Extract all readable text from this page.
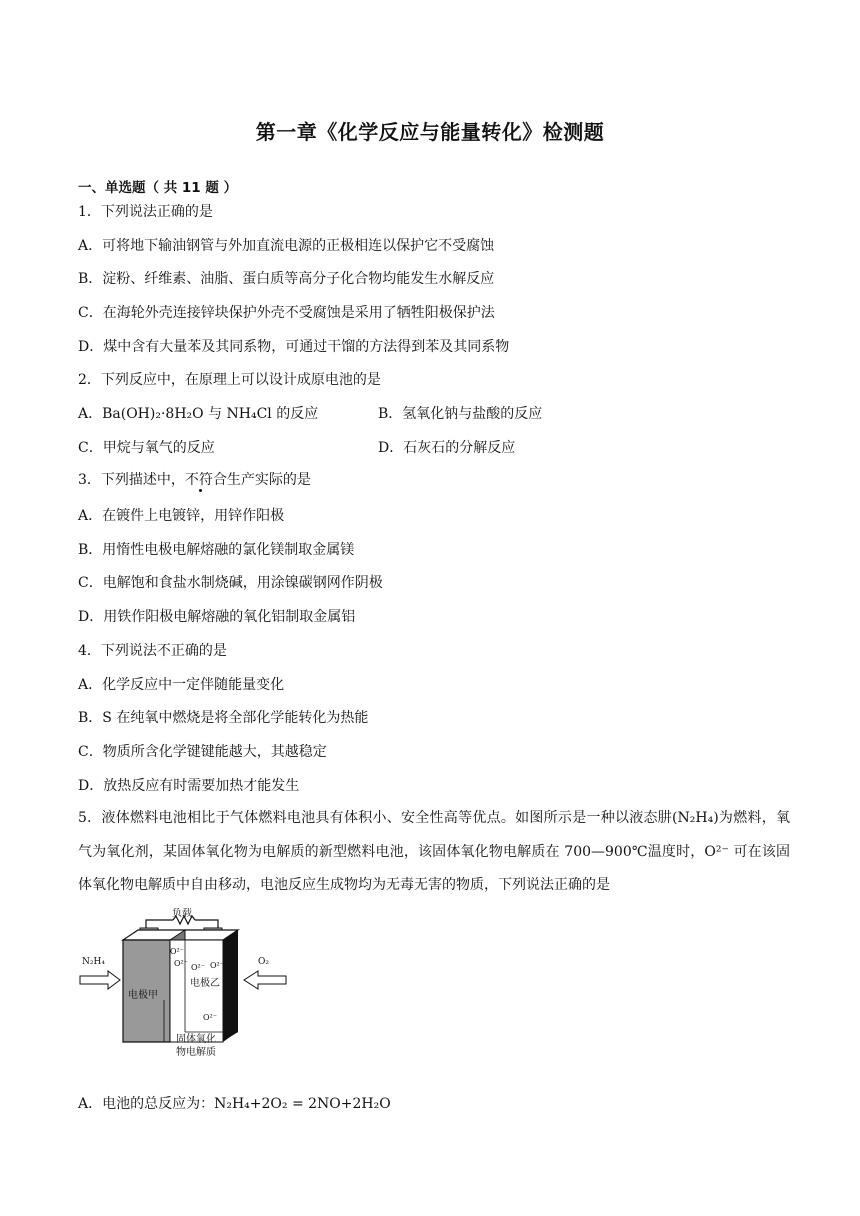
第一章《化学反应与能量转化》检测题
一、单选题（ 共 11 题 ）
1．下列说法正确的是
A．可将地下输油钢管与外加直流电源的正极相连以保护它不受腐蚀
B．淀粉、纤维素、油脂、蛋白质等高分子化合物均能发生水解反应
C．在海轮外壳连接锌块保护外壳不受腐蚀是采用了牺牲阳极保护法
D．煤中含有大量苯及其同系物，可通过干馏的方法得到苯及其同系物
2．下列反应中，在原理上可以设计成原电池的是
A．Ba(OH)₂·8H₂O 与 NH₄Cl 的反应	B．氢氧化钠与盐酸的反应
C．甲烷与氧气的反应	D．石灰石的分解反应
3．下列描述中，不符合生产实际的是
A．在镀件上电镀锌，用锌作阳极
B．用惰性电极电解熔融的氯化镁制取金属镁
C．电解饱和食盐水制烧碱，用涂镍碳钢网作阴极
D．用铁作阳极电解熔融的氧化铝制取金属铝
4．下列说法不正确的是
A．化学反应中一定伴随能量变化
B．S 在纯氧中燃烧是将全部化学能转化为热能
C．物质所含化学键键能越大，其越稳定
D．放热反应有时需要加热才能发生
5．液体燃料电池相比于气体燃料电池具有体积小、安全性高等优点。如图所示是一种以液态肼(N₂H₄)为燃料，氧气为氧化剂，某固体氧化物为电解质的新型燃料电池，该固体氧化物电解质在 700—900℃温度时，O²⁻ 可在该固体氧化物电解质中自由移动，电池反应生成物均为无毒无害的物质，下列说法正确的是
负载
N₂H₄	O₂
电极甲
电极乙
O²⁻
O²⁻ O²⁻ O²⁻
O²⁻
固体氧化
物电解质
A．电池的总反应为：N₂H₄+2O₂ = 2NO+2H₂O
